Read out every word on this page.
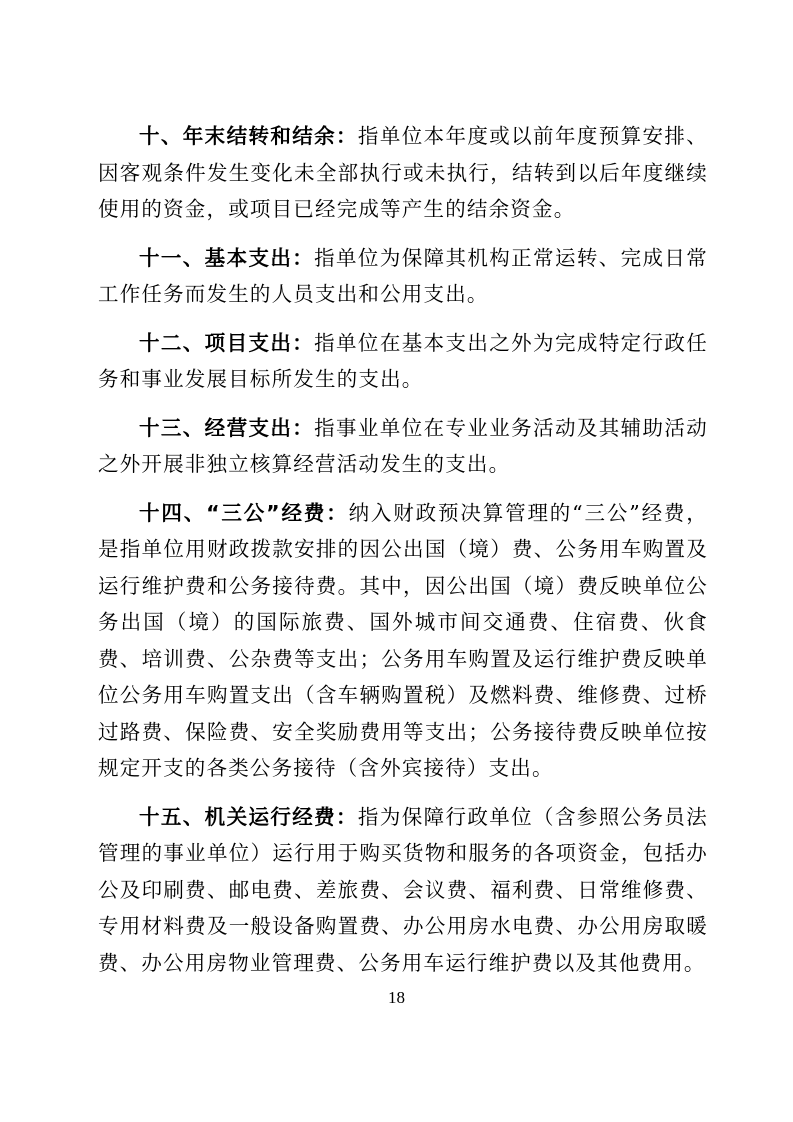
十、年末结转和结余：指单位本年度或以前年度预算安排、因客观条件发生变化未全部执行或未执行，结转到以后年度继续使用的资金，或项目已经完成等产生的结余资金。

十一、基本支出：指单位为保障其机构正常运转、完成日常工作任务而发生的人员支出和公用支出。

十二、项目支出：指单位在基本支出之外为完成特定行政任务和事业发展目标所发生的支出。

十三、经营支出：指事业单位在专业业务活动及其辅助活动之外开展非独立核算经营活动发生的支出。

十四、“三公”经费：纳入财政预决算管理的“三公”经费，是指单位用财政拨款安排的因公出国（境）费、公务用车购置及运行维护费和公务接待费。其中，因公出国（境）费反映单位公务出国（境）的国际旅费、国外城市间交通费、住宿费、伙食费、培训费、公杂费等支出；公务用车购置及运行维护费反映单位公务用车购置支出（含车辆购置税）及燃料费、维修费、过桥过路费、保险费、安全奖励费用等支出；公务接待费反映单位按规定开支的各类公务接待（含外宾接待）支出。

十五、机关运行经费：指为保障行政单位（含参照公务员法管理的事业单位）运行用于购买货物和服务的各项资金，包括办公及印刷费、邮电费、差旅费、会议费、福利费、日常维修费、专用材料费及一般设备购置费、办公用房水电费、办公用房取暖费、办公用房物业管理费、公务用车运行维护费以及其他费用。

18
